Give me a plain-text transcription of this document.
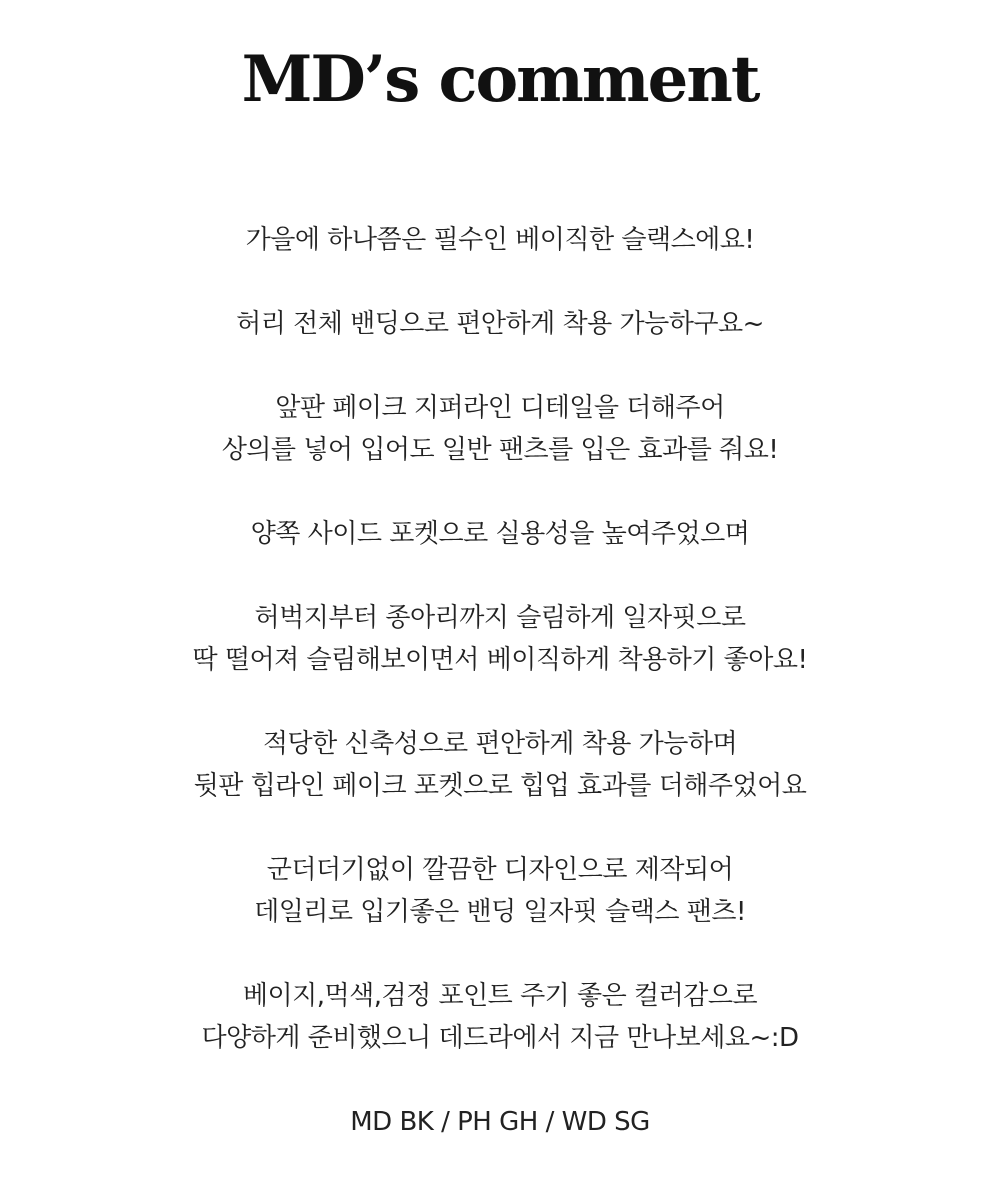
MD’s comment

가을에 하나쯤은 필수인 베이직한 슬랙스에요!

허리 전체 밴딩으로 편안하게 착용 가능하구요~

앞판 페이크 지퍼라인 디테일을 더해주어
상의를 넣어 입어도 일반 팬츠를 입은 효과를 줘요!

양쪽 사이드 포켓으로 실용성을 높여주었으며

허벅지부터 종아리까지 슬림하게 일자핏으로
딱 떨어져 슬림해보이면서 베이직하게 착용하기 좋아요!

적당한 신축성으로 편안하게 착용 가능하며
뒷판 힙라인 페이크 포켓으로 힙업 효과를 더해주었어요

군더더기없이 깔끔한 디자인으로 제작되어
데일리로 입기좋은 밴딩 일자핏 슬랙스 팬츠!

베이지,먹색,검정 포인트 주기 좋은 컬러감으로
다양하게 준비했으니 데드라에서 지금 만나보세요~:D

MD BK / PH GH / WD SG
